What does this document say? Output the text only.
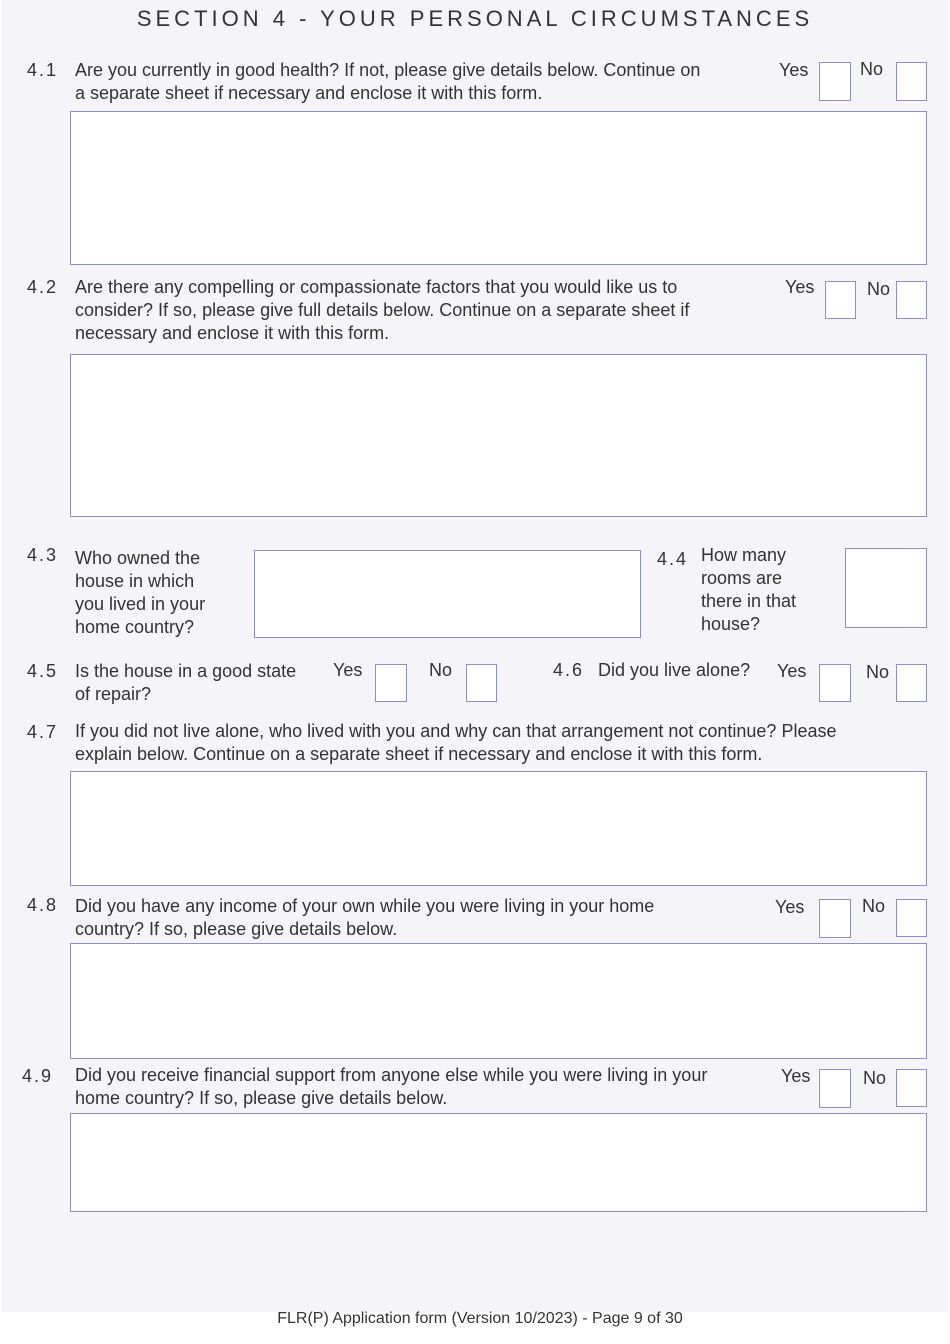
SECTION 4 - YOUR PERSONAL CIRCUMSTANCES
4.1 Are you currently in good health? If not, please give details below. Continue on
a separate sheet if necessary and enclose it with this form.
Yes	No
4.2 Are there any compelling or compassionate factors that you would like us to
consider? If so, please give full details below. Continue on a separate sheet if
necessary and enclose it with this form.
Yes	No
4.3 Who owned the
house in which
you lived in your
home country?
4.4 How many
rooms are
there in that
house?
4.5 Is the house in a good state
of repair?
Yes	No	4.6 Did you live alone? Yes	No
4.7 If you did not live alone, who lived with you and why can that arrangement not continue? Please
explain below. Continue on a separate sheet if necessary and enclose it with this form.
4.8 Did you have any income of your own while you were living in your home
country? If so, please give details below.
Yes	No
4.9 Did you receive financial support from anyone else while you were living in your
home country? If so, please give details below.
Yes	No
FLR(P) Application form (Version 10/2023) - Page 9 of 30
